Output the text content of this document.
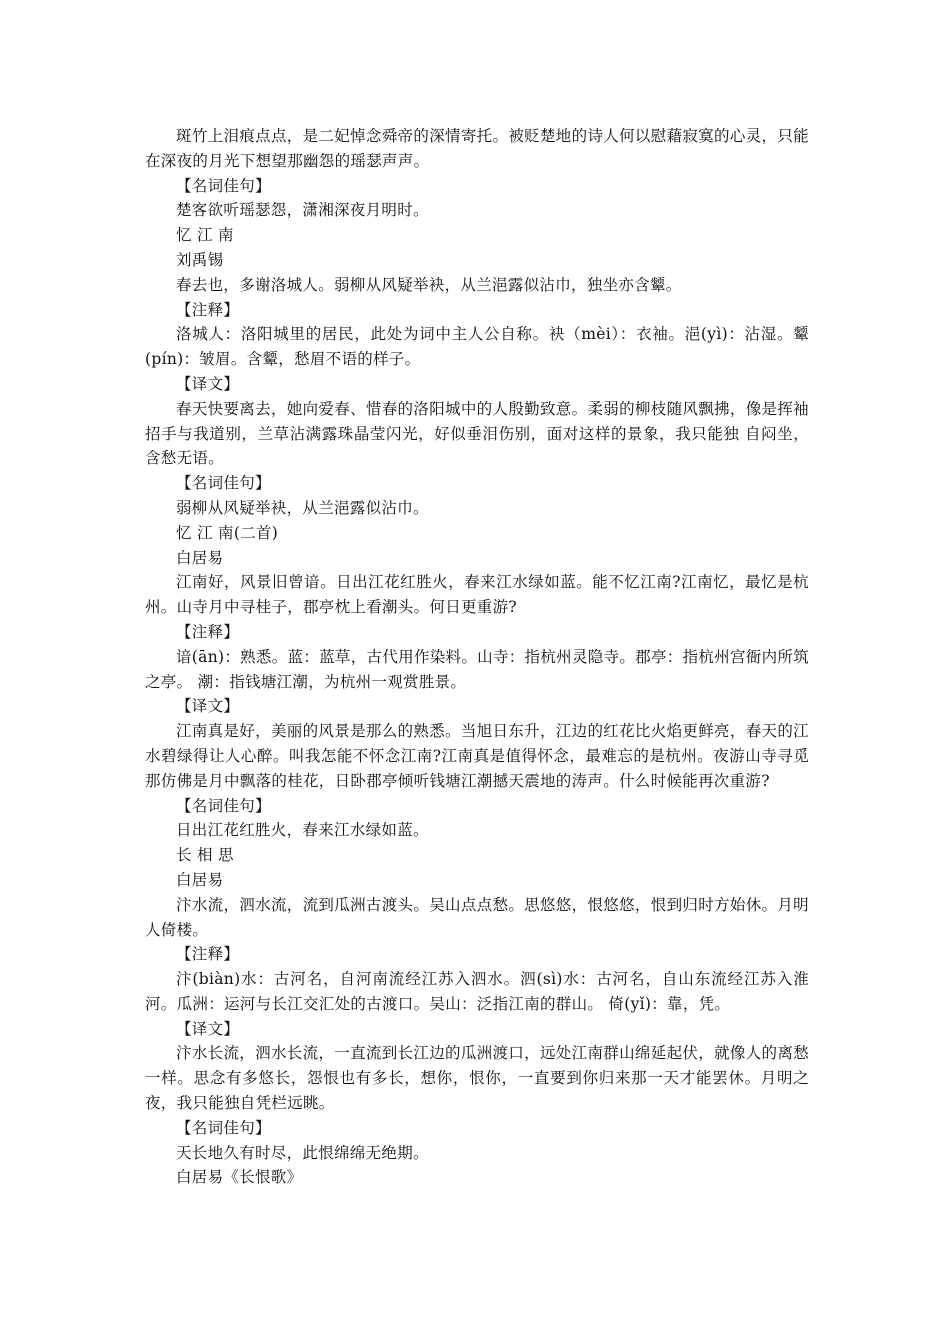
斑竹上泪痕点点，是二妃悼念舜帝的深情寄托。被贬楚地的诗人何以慰藉寂寞的心灵，只能在深夜的月光下想望那幽怨的瑶瑟声声。

【名词佳句】

楚客欲听瑶瑟怨，潇湘深夜月明时。

忆 江 南

刘禹锡

春去也，多谢洛城人。弱柳从风疑举袂，从兰浥露似沾巾，独坐亦含颦。

【注释】

洛城人：洛阳城里的居民，此处为词中主人公自称。袂（mèi）：衣袖。浥(yì)：沾湿。颦(pín)：皱眉。含颦，愁眉不语的样子。

【译文】

春天快要离去，她向爱春、惜春的洛阳城中的人殷勤致意。柔弱的柳枝随风飘拂，像是挥袖招手与我道别，兰草沾满露珠晶莹闪光，好似垂泪伤别，面对这样的景象，我只能独 自闷坐，含愁无语。

【名词佳句】

弱柳从风疑举袂，从兰浥露似沾巾。

忆 江 南(二首)

白居易

江南好，风景旧曾谙。日出江花红胜火，春来江水绿如蓝。能不忆江南?江南忆，最忆是杭州。山寺月中寻桂子，郡亭枕上看潮头。何日更重游?

【注释】

谙(ān)：熟悉。蓝：蓝草，古代用作染料。山寺：指杭州灵隐寺。郡亭：指杭州宫衙内所筑之亭。 潮：指钱塘江潮，为杭州一观赏胜景。

【译文】

江南真是好，美丽的风景是那么的熟悉。当旭日东升，江边的红花比火焰更鲜亮，春天的江水碧绿得让人心醉。叫我怎能不怀念江南?江南真是值得怀念，最难忘的是杭州。夜游山寺寻觅那仿佛是月中飘落的桂花，日卧郡亭倾听钱塘江潮撼天震地的涛声。什么时候能再次重游?

【名词佳句】

日出江花红胜火，春来江水绿如蓝。

长 相 思

白居易

汴水流，泗水流，流到瓜洲古渡头。吴山点点愁。思悠悠，恨悠悠，恨到归时方始休。月明人倚楼。

【注释】

汴(biàn)水：古河名，自河南流经江苏入泗水。泗(sì)水：古河名，自山东流经江苏入淮河。瓜洲：运河与长江交汇处的古渡口。吴山：泛指江南的群山。 倚(yǐ)：靠，凭。

【译文】

汴水长流，泗水长流，一直流到长江边的瓜洲渡口，远处江南群山绵延起伏，就像人的离愁一样。思念有多悠长，怨恨也有多长，想你，恨你，一直要到你归来那一天才能罢休。月明之夜，我只能独自凭栏远眺。

【名词佳句】

天长地久有时尽，此恨绵绵无绝期。

白居易《长恨歌》
